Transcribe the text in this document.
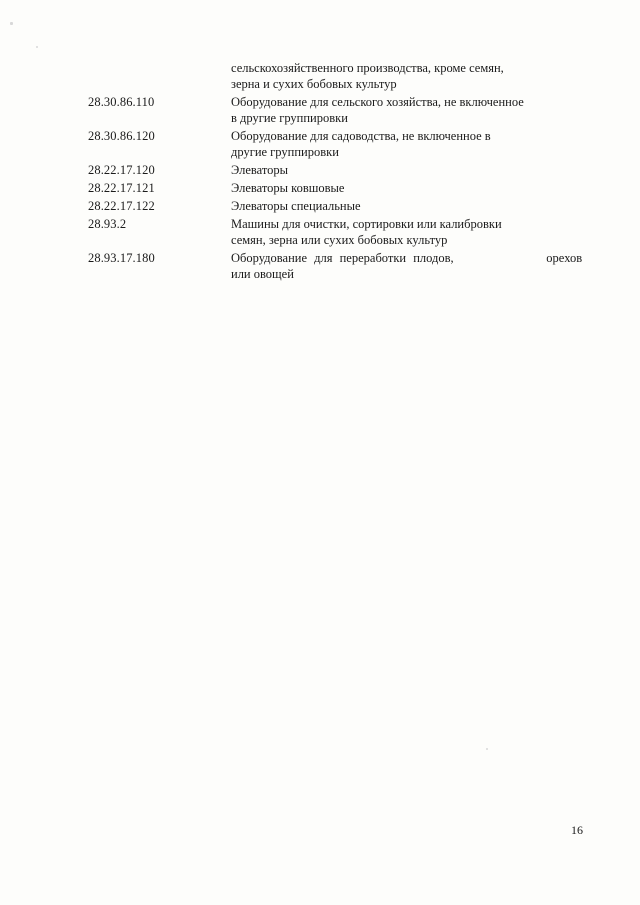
сельскохозяйственного производства, кроме семян,
зерна и сухих бобовых культур
28.30.86.110	Оборудование для сельского хозяйства, не включенное
в другие группировки
28.30.86.120	Оборудование для садоводства, не включенное в
другие группировки
28.22.17.120	Элеваторы
28.22.17.121	Элеваторы ковшовые
28.22.17.122	Элеваторы специальные
28.93.2	Машины для очистки, сортировки или калибровки
семян, зерна или сухих бобовых культур
28.93.17.180	Оборудование для переработки плодов,             орехов
или овощей
16
